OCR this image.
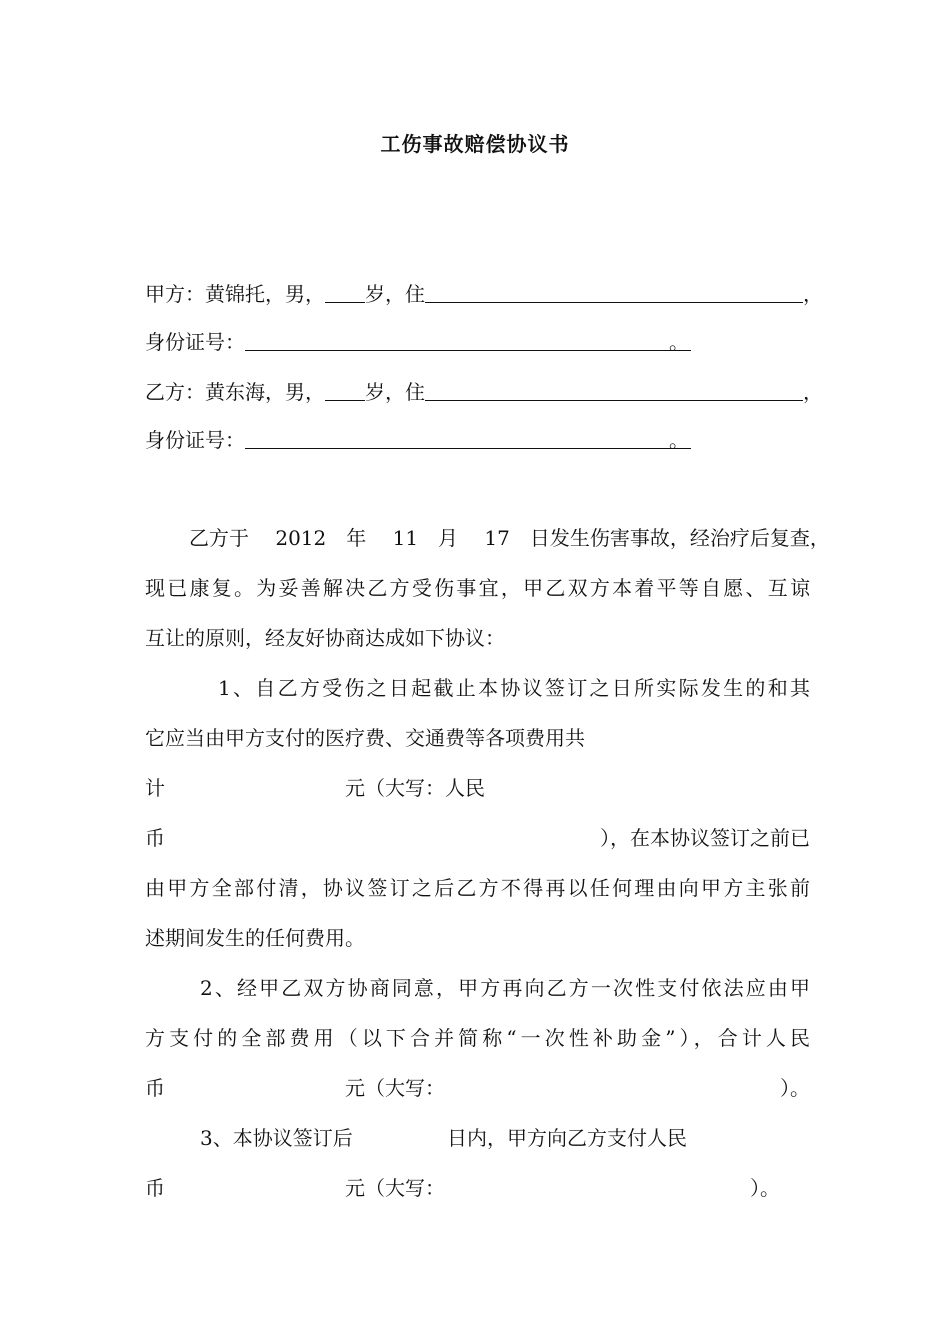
工伤事故赔偿协议书
甲方：黄锦托，男， 岁，住	，
身份证号：	。
乙方：黄东海，男， 岁，住	，
身份证号：	。
乙方于　 2012　年　 11　月　 17　日发生伤害事故，经治疗后复查，
现已康复。为妥善解决乙方受伤事宜，甲乙双方本着平等自愿、互谅
互让的原则，经友好协商达成如下协议：
1、自乙方受伤之日起截止本协议签订之日所实际发生的和其
它应当由甲方支付的医疗费、交通费等各项费用共
计	元（大写：人民
币	），在本协议签订之前已
由甲方全部付清，协议签订之后乙方不得再以任何理由向甲方主张前
述期间发生的任何费用。
2、经甲乙双方协商同意，甲方再向乙方一次性支付依法应由甲
方支付的全部费用（以下合并简称“一次性补助金”），合计人民
币	元（大写：	）。
3、本协议签订后	日内，甲方向乙方支付人民
币	元（大写：	）。
